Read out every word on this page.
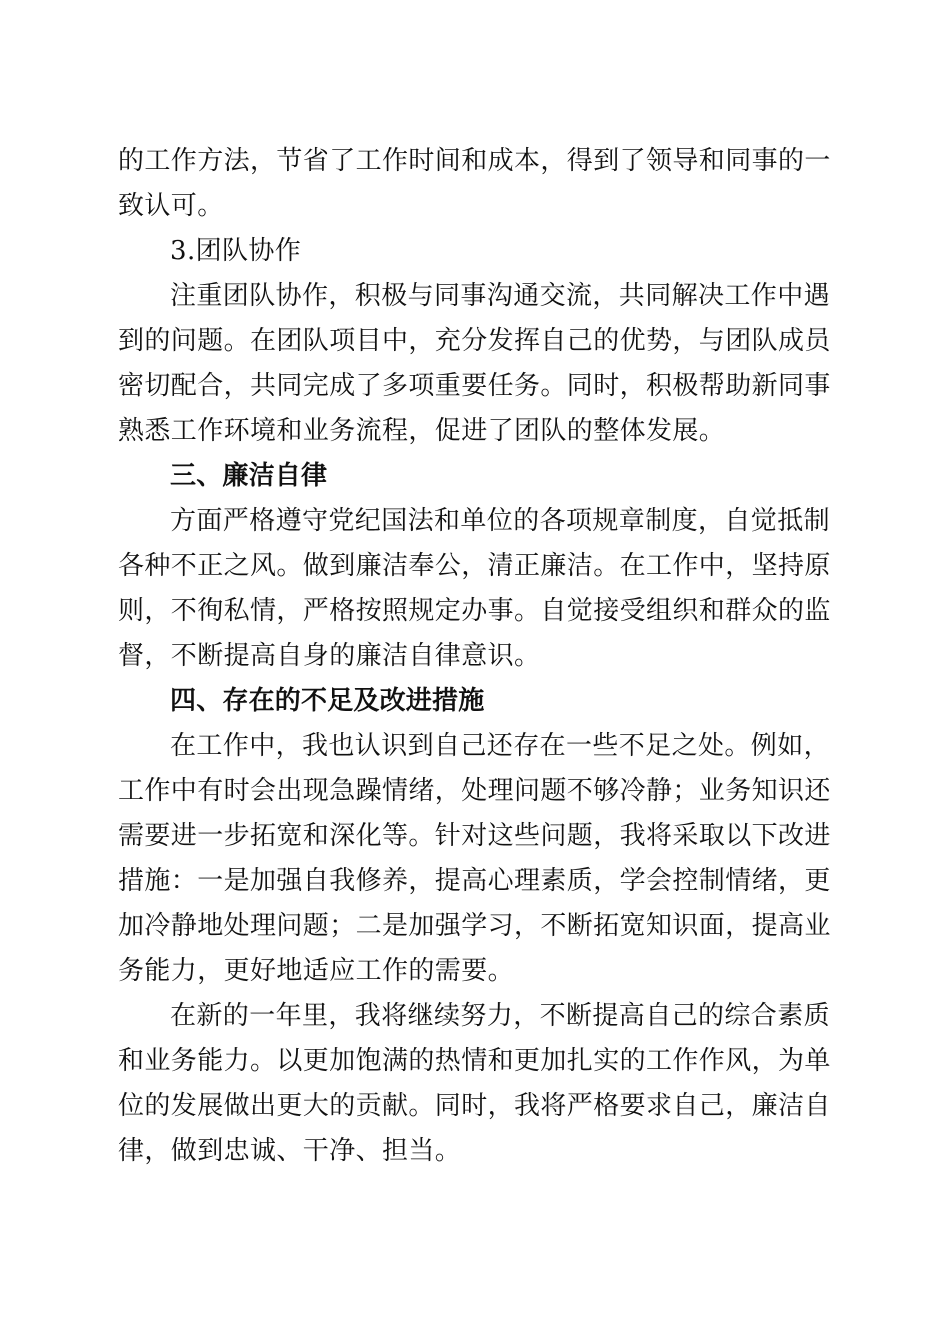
的工作方法，节省了工作时间和成本，得到了领导和同事的一
致认可。
3.团队协作
注重团队协作，积极与同事沟通交流，共同解决工作中遇
到的问题。在团队项目中，充分发挥自己的优势，与团队成员
密切配合，共同完成了多项重要任务。同时，积极帮助新同事
熟悉工作环境和业务流程，促进了团队的整体发展。
三、廉洁自律
方面严格遵守党纪国法和单位的各项规章制度，自觉抵制
各种不正之风。做到廉洁奉公，清正廉洁。在工作中，坚持原
则，不徇私情，严格按照规定办事。自觉接受组织和群众的监
督，不断提高自身的廉洁自律意识。
四、存在的不足及改进措施
在工作中，我也认识到自己还存在一些不足之处。例如，
工作中有时会出现急躁情绪，处理问题不够冷静；业务知识还
需要进一步拓宽和深化等。针对这些问题，我将采取以下改进
措施：一是加强自我修养，提高心理素质，学会控制情绪，更
加冷静地处理问题；二是加强学习，不断拓宽知识面，提高业
务能力，更好地适应工作的需要。
在新的一年里，我将继续努力，不断提高自己的综合素质
和业务能力。以更加饱满的热情和更加扎实的工作作风，为单
位的发展做出更大的贡献。同时，我将严格要求自己，廉洁自
律，做到忠诚、干净、担当。
